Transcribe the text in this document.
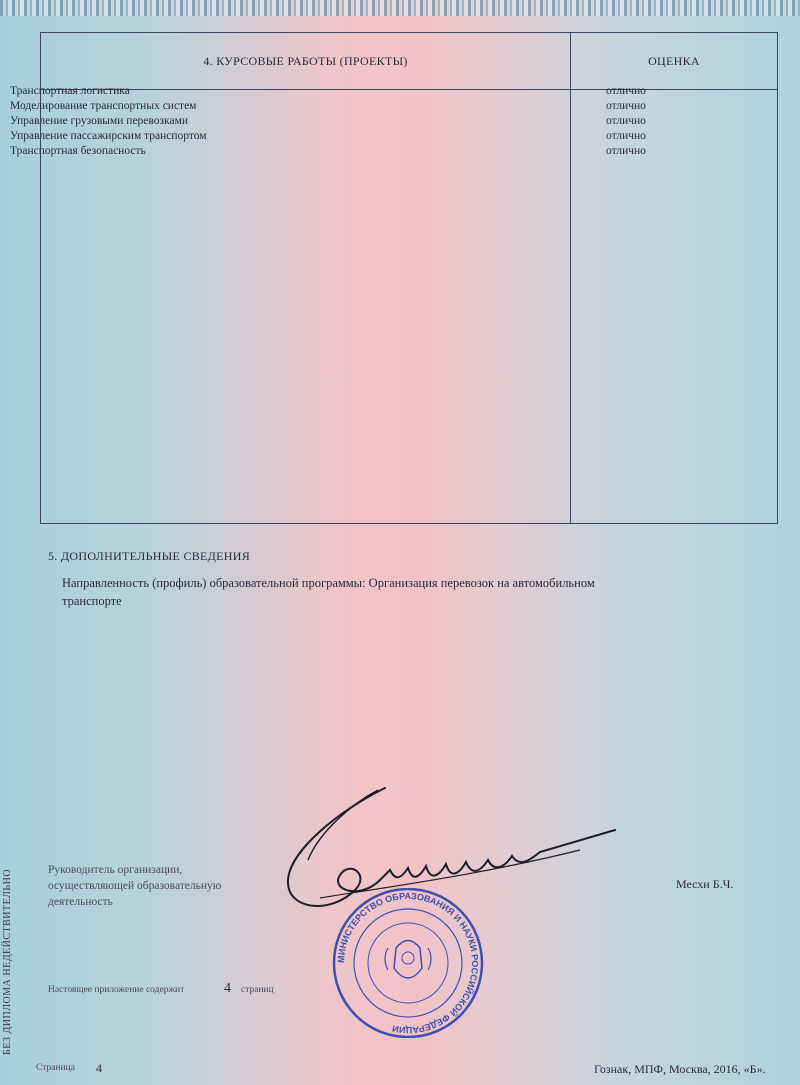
4. КУРСОВЫЕ РАБОТЫ (ПРОЕКТЫ)	ОЦЕНКА
Транспортная логистика	отлично
Моделирование транспортных систем	отлично
Управление грузовыми перевозками	отлично
Управление пассажирским транспортом	отлично
Транспортная безопасность	отлично
5. ДОПОЛНИТЕЛЬНЫЕ СВЕДЕНИЯ
Направленность (профиль) образовательной программы: Организация перевозок на автомобильном
транспорте
Руководитель организации,
осуществляющей образовательную
деятельность
Месхи Б.Ч.
МИНИСТЕРСТВО ОБРАЗОВАНИЯ И НАУКИ РОССИЙСКОЙ ФЕДЕРАЦИИ
Настоящее приложение содержит	4 страниц
БЕЗ ДИПЛОМА НЕДЕЙСТВИТЕЛЬНО
Страница 4	Гознак, МПФ, Москва, 2016, «Б».
